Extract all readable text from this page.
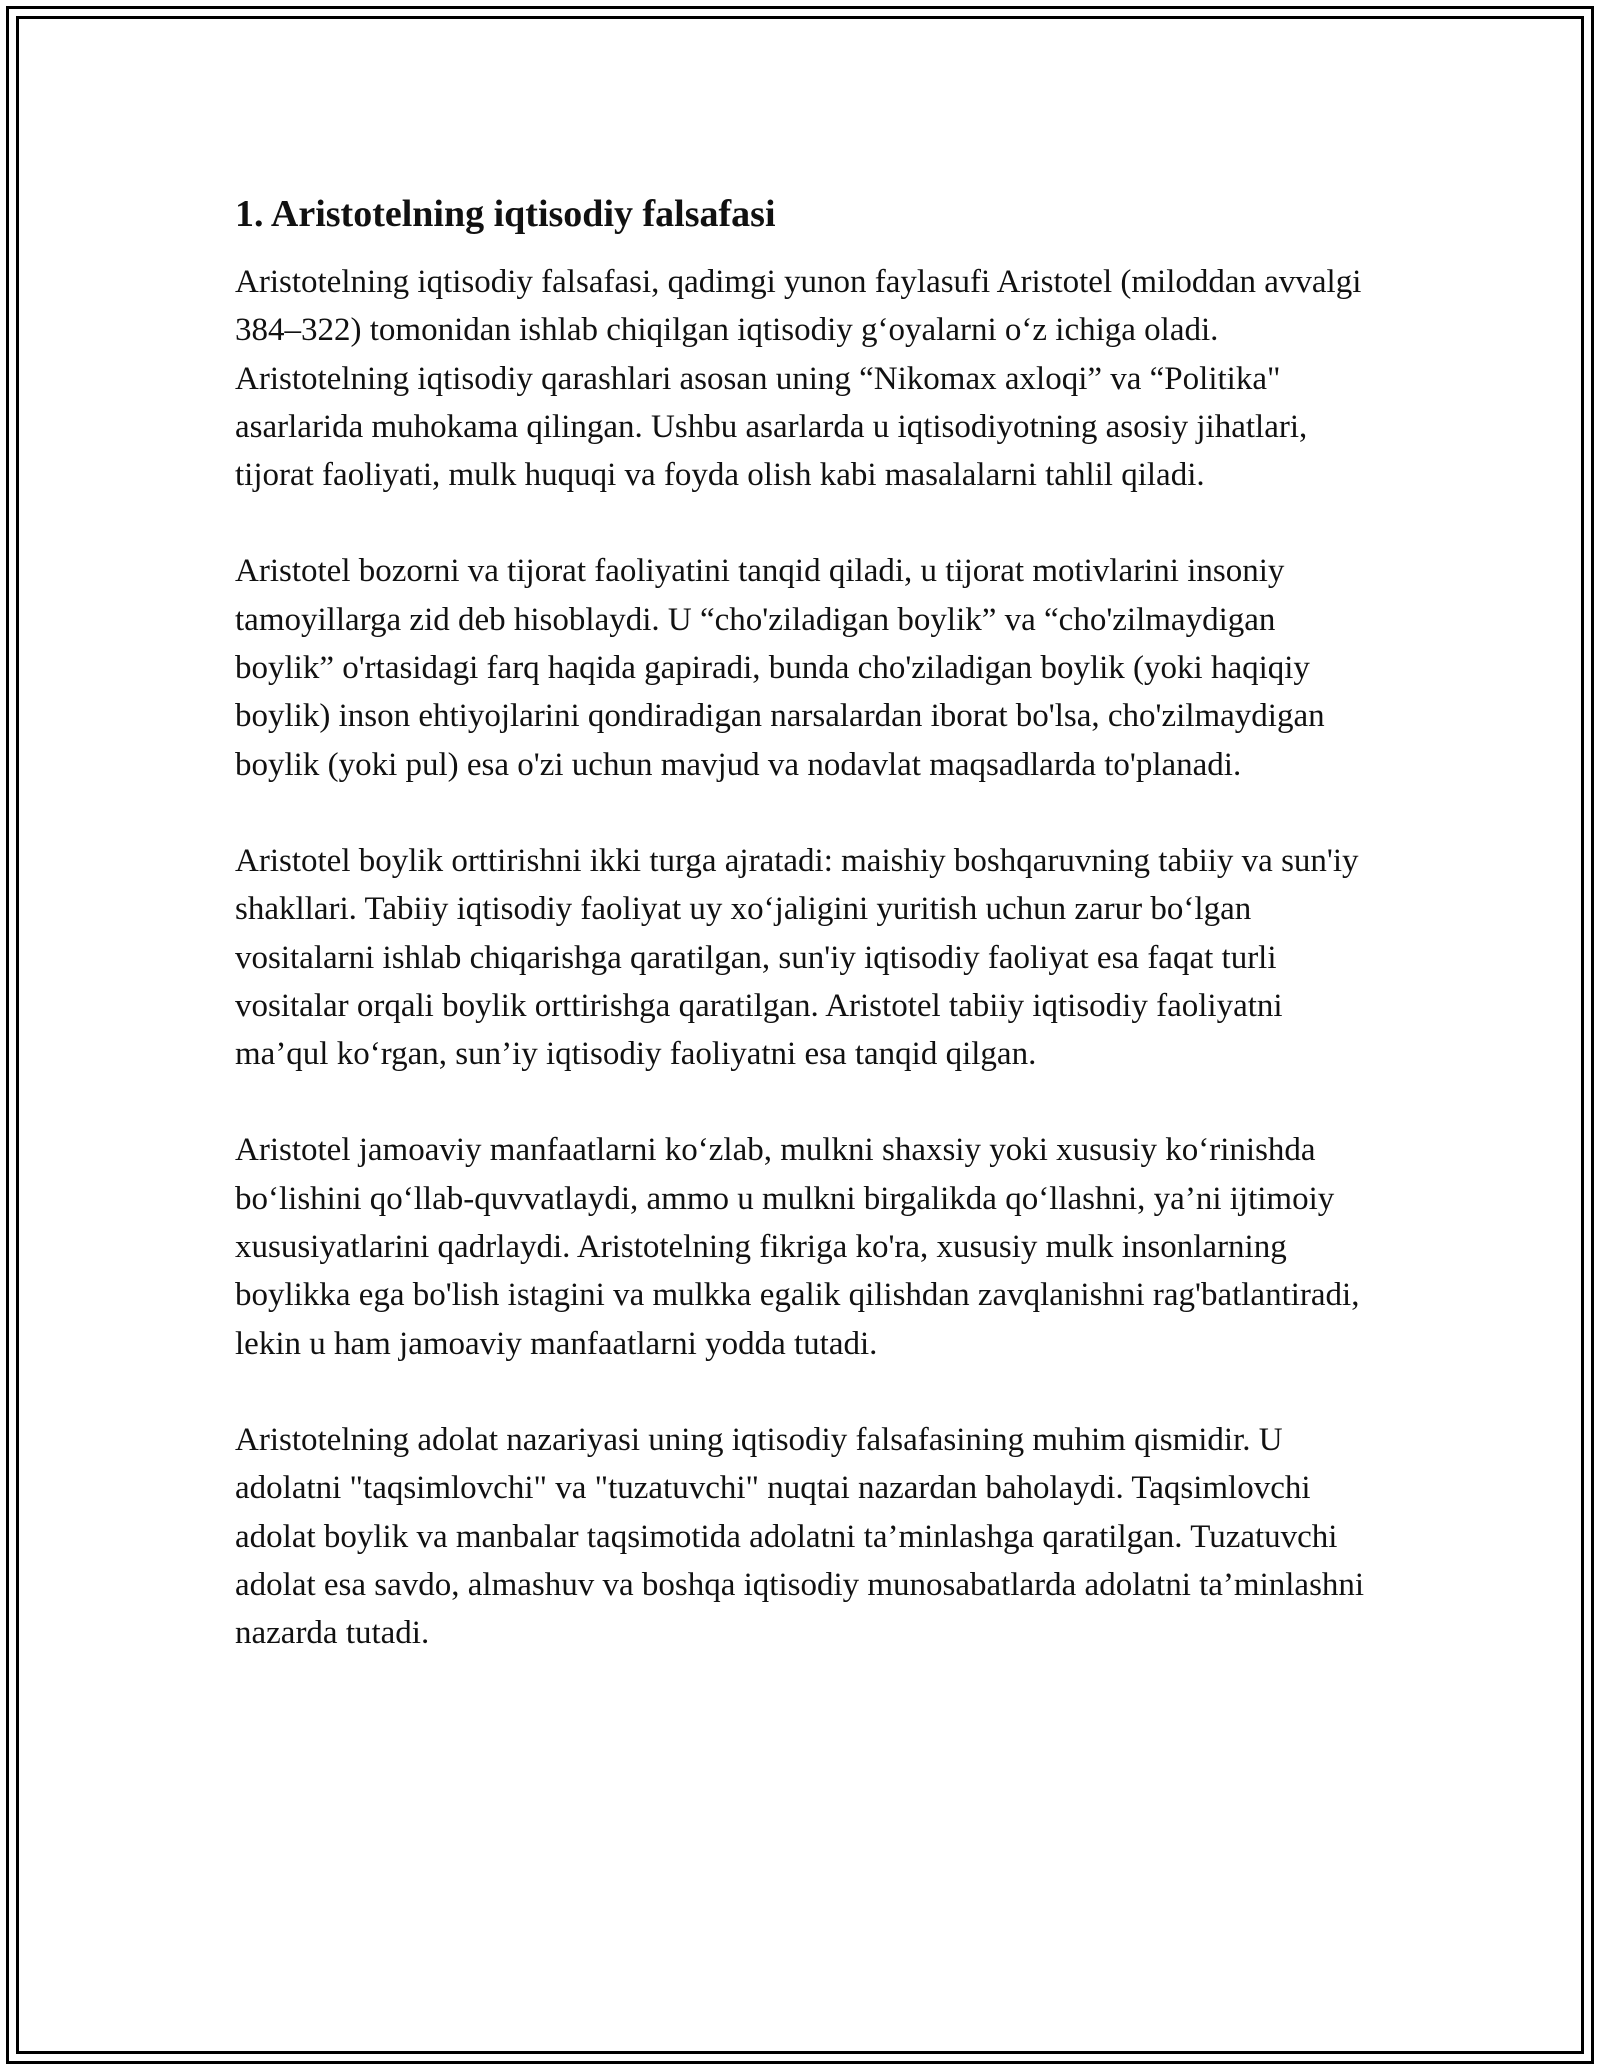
1. Aristotelning iqtisodiy falsafasi

Aristotelning iqtisodiy falsafasi, qadimgi yunon faylasufi Aristotel (miloddan avvalgi 384–322) tomonidan ishlab chiqilgan iqtisodiy g‘oyalarni o‘z ichiga oladi. Aristotelning iqtisodiy qarashlari asosan uning “Nikomax axloqi” va “Politika" asarlarida muhokama qilingan. Ushbu asarlarda u iqtisodiyotning asosiy jihatlari, tijorat faoliyati, mulk huquqi va foyda olish kabi masalalarni tahlil qiladi.

Aristotel bozorni va tijorat faoliyatini tanqid qiladi, u tijorat motivlarini insoniy tamoyillarga zid deb hisoblaydi. U “cho'ziladigan boylik” va “cho'zilmaydigan boylik” o'rtasidagi farq haqida gapiradi, bunda cho'ziladigan boylik (yoki haqiqiy boylik) inson ehtiyojlarini qondiradigan narsalardan iborat bo'lsa, cho'zilmaydigan boylik (yoki pul) esa o'zi uchun mavjud va nodavlat maqsadlarda to'planadi.

Aristotel boylik orttirishni ikki turga ajratadi: maishiy boshqaruvning tabiiy va sun'iy shakllari. Tabiiy iqtisodiy faoliyat uy xo‘jaligini yuritish uchun zarur bo‘lgan vositalarni ishlab chiqarishga qaratilgan, sun'iy iqtisodiy faoliyat esa faqat turli vositalar orqali boylik orttirishga qaratilgan. Aristotel tabiiy iqtisodiy faoliyatni ma’qul ko‘rgan, sun’iy iqtisodiy faoliyatni esa tanqid qilgan.

Aristotel jamoaviy manfaatlarni ko‘zlab, mulkni shaxsiy yoki xususiy ko‘rinishda bo‘lishini qo‘llab-quvvatlaydi, ammo u mulkni birgalikda qo‘llashni, ya’ni ijtimoiy xususiyatlarini qadrlaydi. Aristotelning fikriga ko'ra, xususiy mulk insonlarning boylikka ega bo'lish istagini va mulkka egalik qilishdan zavqlanishni rag'batlantiradi, lekin u ham jamoaviy manfaatlarni yodda tutadi.

Aristotelning adolat nazariyasi uning iqtisodiy falsafasining muhim qismidir. U adolatni "taqsimlovchi" va "tuzatuvchi" nuqtai nazardan baholaydi. Taqsimlovchi adolat boylik va manbalar taqsimotida adolatni ta’minlashga qaratilgan. Tuzatuvchi adolat esa savdo, almashuv va boshqa iqtisodiy munosabatlarda adolatni ta’minlashni nazarda tutadi.
